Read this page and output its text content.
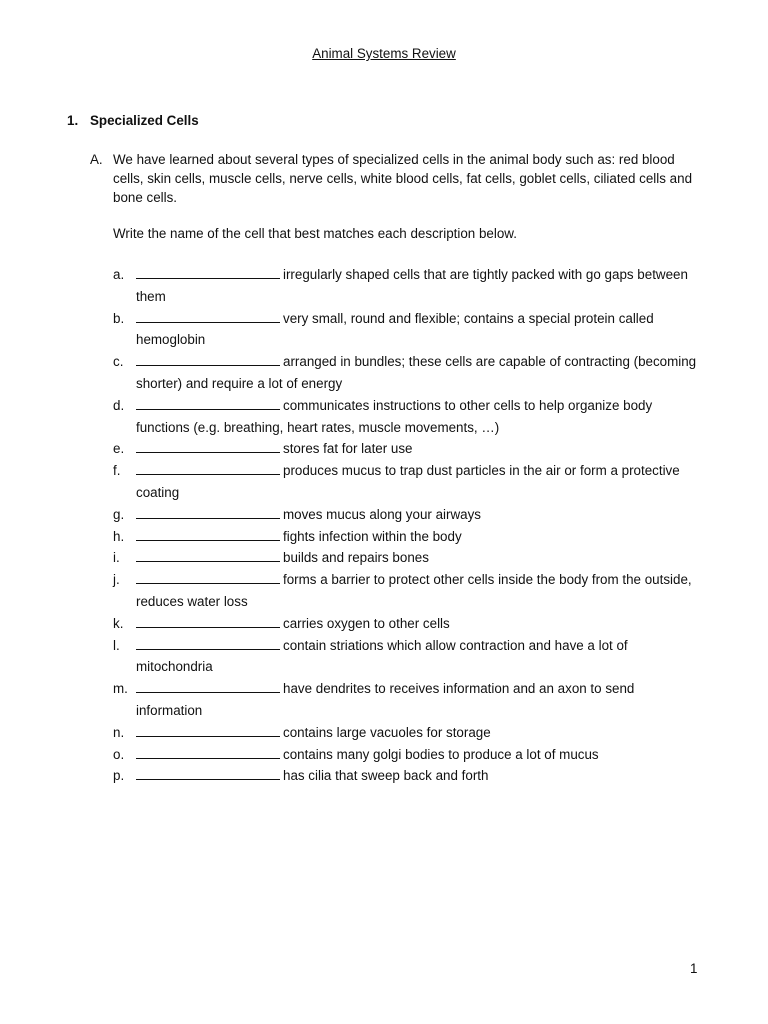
Animal Systems Review
1. Specialized Cells
A. We have learned about several types of specialized cells in the animal body such as: red blood cells, skin cells, muscle cells, nerve cells, white blood cells, fat cells, goblet cells, ciliated cells and bone cells.
Write the name of the cell that best matches each description below.
a.	irregularly shaped cells that are tightly packed with go gaps between them
b.	very small, round and flexible; contains a special protein called hemoglobin
c.	arranged in bundles; these cells are capable of contracting (becoming shorter) and require a lot of energy
d.	communicates instructions to other cells to help organize body functions (e.g. breathing, heart rates, muscle movements, …)
e.	stores fat for later use
f.	produces mucus to trap dust particles in the air or form a protective coating
g.	moves mucus along your airways
h.	fights infection within the body
i.	builds and repairs bones
j.	forms a barrier to protect other cells inside the body from the outside, reduces water loss
k.	carries oxygen to other cells
l.	contain striations which allow contraction and have a lot of mitochondria
m.	have dendrites to receives information and an axon to send information
n.	contains large vacuoles for storage
o.	contains many golgi bodies to produce a lot of mucus
p.	has cilia that sweep back and forth
1
